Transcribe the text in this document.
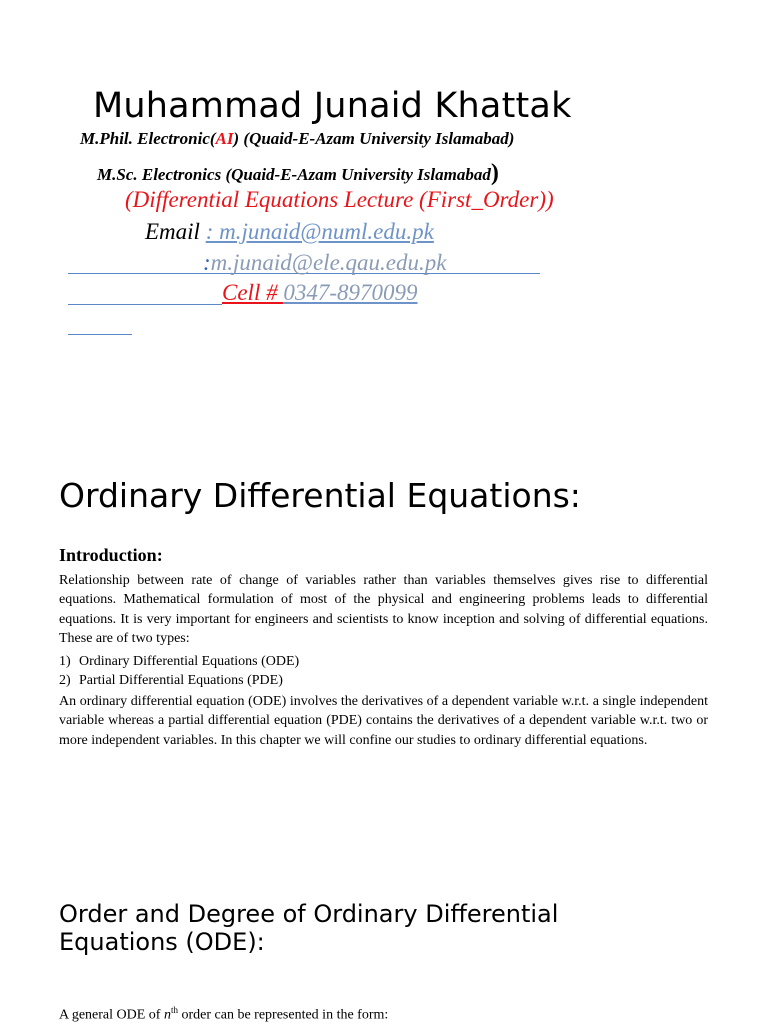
Muhammad Junaid Khattak
M.Phil. Electronic(AI) (Quaid-E-Azam University Islamabad)
M.Sc. Electronics (Quaid-E-Azam University Islamabad)
(Differential Equations Lecture (First_Order))
Email : m.junaid@numl.edu.pk
:m.junaid@ele.qau.edu.pk
Cell # 0347-8970099
Ordinary Differential Equations:
Introduction:
Relationship between rate of change of variables rather than variables themselves gives rise to differential equations. Mathematical formulation of most of the physical and engineering problems leads to differential equations. It is very important for engineers and scientists to know inception and solving of differential equations. These are of two types:
1) Ordinary Differential Equations (ODE)
2) Partial Differential Equations (PDE)
An ordinary differential equation (ODE) involves the derivatives of a dependent variable w.r.t. a single independent variable whereas a partial differential equation (PDE) contains the derivatives of a dependent variable w.r.t. two or more independent variables. In this chapter we will confine our studies to ordinary differential equations.
Order and Degree of Ordinary Differential Equations (ODE):
A general ODE of $n^{th}$ order can be represented in the form:
